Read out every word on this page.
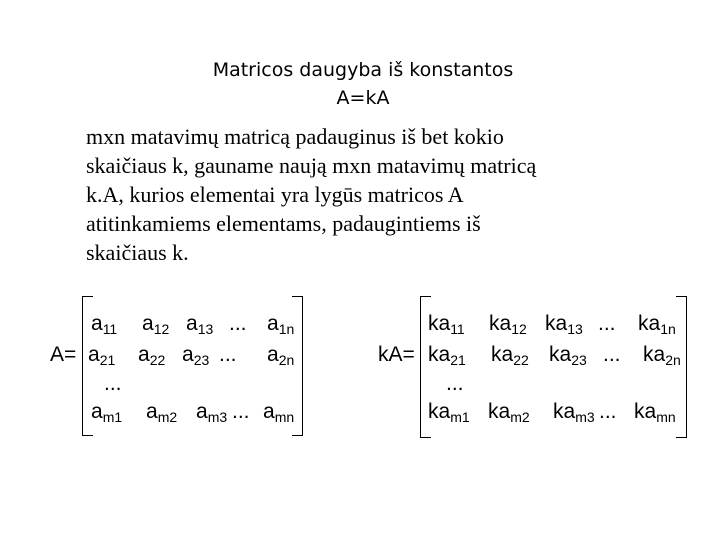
Matricos daugyba iš konstantos
A=kA
mxn matavimų matricą padauginus iš bet kokio
skaičiaus k, gauname naują mxn matavimų matricą
k.A, kurios elementai yra lygūs matricos A
atitinkamiems elementams, padaugintiems iš
skaičiaus k.
A=
$a_{11}$ $a_{12}$ $a_{13}$ ... $a_{1n}$
$a_{21}$ $a_{22}$ $a_{23}$ ... $a_{2n}$
...
$a_{m1}$ $a_{m2}$ $a_{m3}$ ... $a_{mn}$
kA=
$ka_{11}$ $ka_{12}$ $ka_{13}$ ... $ka_{1n}$
$ka_{21}$ $ka_{22}$ $ka_{23}$ ... $ka_{2n}$
...
$ka_{m1}$ $ka_{m2}$ $ka_{m3}$ ... $ka_{mn}$
